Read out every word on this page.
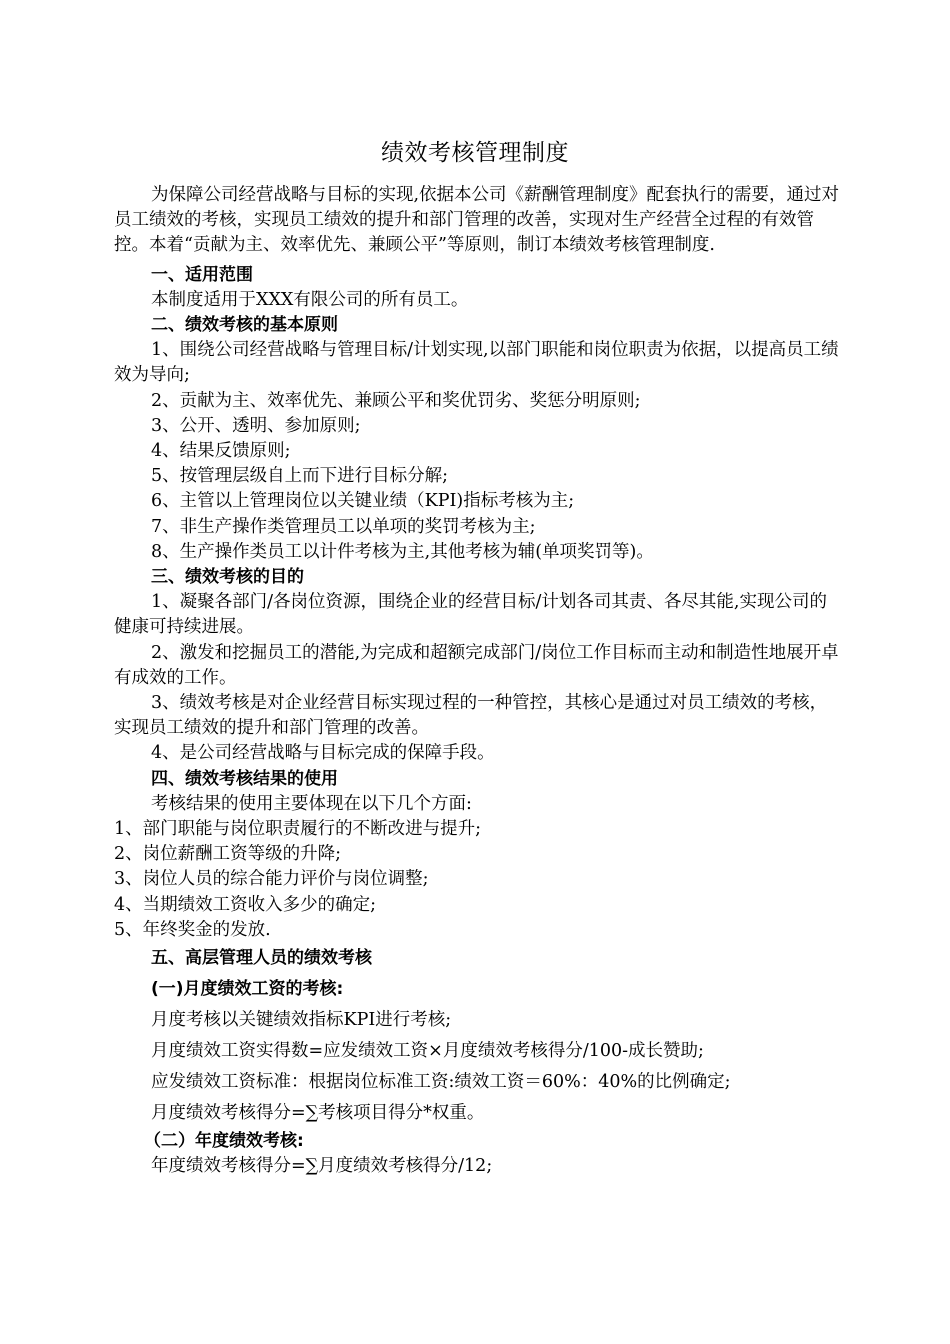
绩效考核管理制度

为保障公司经营战略与目标的实现,依据本公司《薪酬管理制度》配套执行的需要，通过对员工绩效的考核，实现员工绩效的提升和部门管理的改善，实现对生产经营全过程的有效管控。本着“贡献为主、效率优先、兼顾公平”等原则，制订本绩效考核管理制度.

一、适用范围

本制度适用于XXX有限公司的所有员工。

二、绩效考核的基本原则

1、围绕公司经营战略与管理目标/计划实现,以部门职能和岗位职责为依据，以提高员工绩效为导向;

2、贡献为主、效率优先、兼顾公平和奖优罚劣、奖惩分明原则;

3、公开、透明、参加原则;

4、结果反馈原则;

5、按管理层级自上而下进行目标分解;

6、主管以上管理岗位以关键业绩（KPI)指标考核为主;

7、非生产操作类管理员工以单项的奖罚考核为主;

8、生产操作类员工以计件考核为主,其他考核为辅(单项奖罚等)。

三、绩效考核的目的

1、凝聚各部门/各岗位资源，围绕企业的经营目标/计划各司其责、各尽其能,实现公司的健康可持续进展。

2、激发和挖掘员工的潜能,为完成和超额完成部门/岗位工作目标而主动和制造性地展开卓有成效的工作。

3、绩效考核是对企业经营目标实现过程的一种管控，其核心是通过对员工绩效的考核，实现员工绩效的提升和部门管理的改善。

4、是公司经营战略与目标完成的保障手段。

四、绩效考核结果的使用

考核结果的使用主要体现在以下几个方面:

1、部门职能与岗位职责履行的不断改进与提升;

2、岗位薪酬工资等级的升降;

3、岗位人员的综合能力评价与岗位调整;

4、当期绩效工资收入多少的确定;

5、年终奖金的发放.

五、高层管理人员的绩效考核

(一)月度绩效工资的考核:

月度考核以关键绩效指标KPI进行考核;

月度绩效工资实得数=应发绩效工资×月度绩效考核得分/100-成长赞助;

应发绩效工资标准：根据岗位标准工资:绩效工资＝60%：40%的比例确定;

月度绩效考核得分=∑考核项目得分*权重。

（二）年度绩效考核:

年度绩效考核得分=∑月度绩效考核得分/12;
